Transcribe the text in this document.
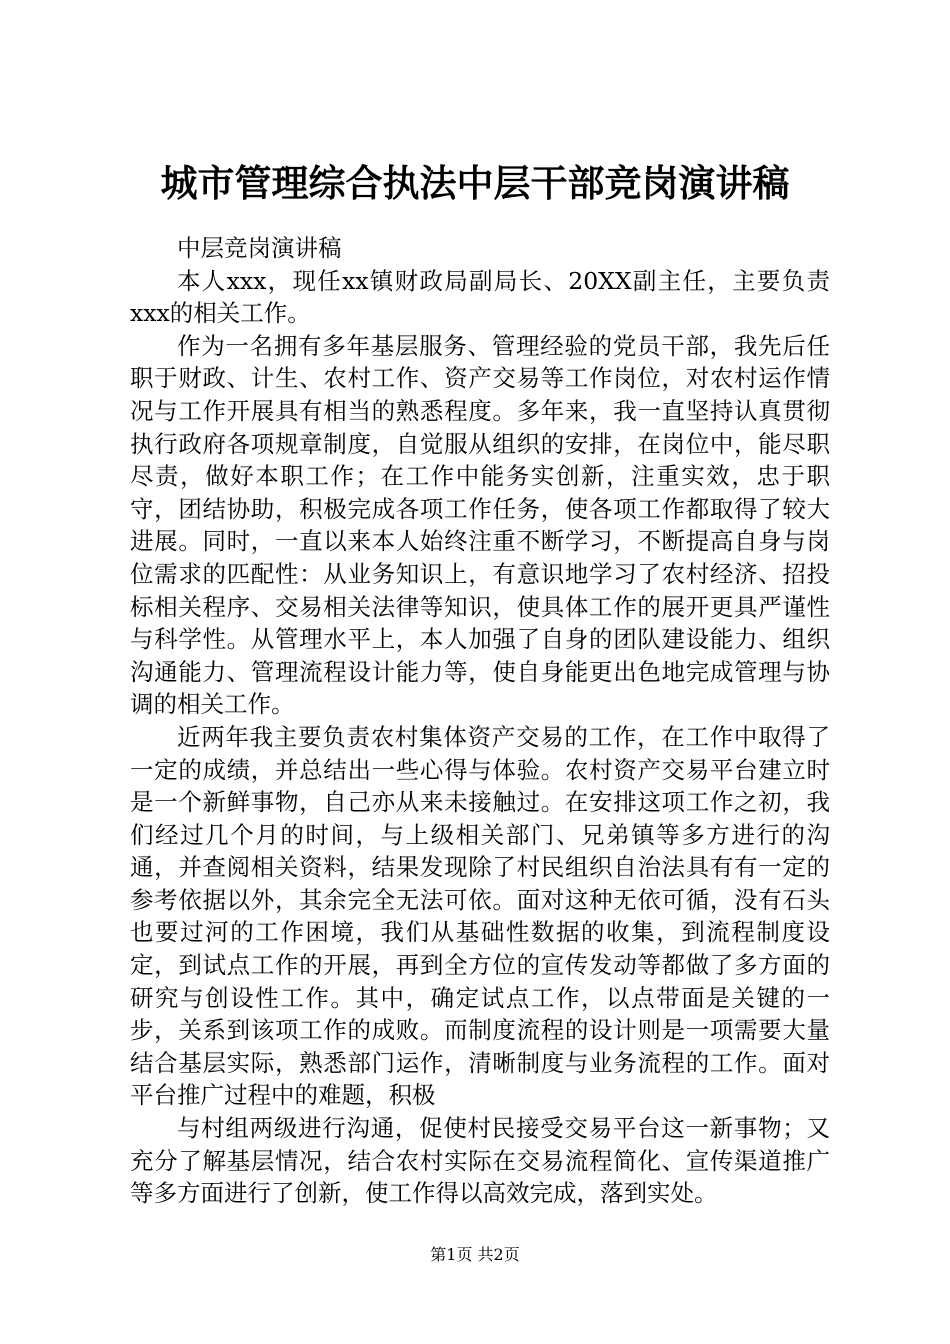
城市管理综合执法中层干部竞岗演讲稿

中层竞岗演讲稿

本人xxx，现任xx镇财政局副局长、20XX副主任，主要负责xxx的相关工作。

作为一名拥有多年基层服务、管理经验的党员干部，我先后任职于财政、计生、农村工作、资产交易等工作岗位，对农村运作情况与工作开展具有相当的熟悉程度。多年来，我一直坚持认真贯彻执行政府各项规章制度，自觉服从组织的安排，在岗位中，能尽职尽责，做好本职工作；在工作中能务实创新，注重实效，忠于职守，团结协助，积极完成各项工作任务，使各项工作都取得了较大进展。同时，一直以来本人始终注重不断学习，不断提高自身与岗位需求的匹配性：从业务知识上，有意识地学习了农村经济、招投标相关程序、交易相关法律等知识，使具体工作的展开更具严谨性与科学性。从管理水平上，本人加强了自身的团队建设能力、组织沟通能力、管理流程设计能力等，使自身能更出色地完成管理与协调的相关工作。

近两年我主要负责农村集体资产交易的工作，在工作中取得了一定的成绩，并总结出一些心得与体验。农村资产交易平台建立时是一个新鲜事物，自己亦从来未接触过。在安排这项工作之初，我们经过几个月的时间，与上级相关部门、兄弟镇等多方进行的沟通，并查阅相关资料，结果发现除了村民组织自治法具有有一定的参考依据以外，其余完全无法可依。面对这种无依可循，没有石头也要过河的工作困境，我们从基础性数据的收集，到流程制度设定，到试点工作的开展，再到全方位的宣传发动等都做了多方面的研究与创设性工作。其中，确定试点工作，以点带面是关键的一步，关系到该项工作的成败。而制度流程的设计则是一项需要大量结合基层实际，熟悉部门运作，清晰制度与业务流程的工作。面对平台推广过程中的难题，积极

与村组两级进行沟通，促使村民接受交易平台这一新事物；又充分了解基层情况，结合农村实际在交易流程简化、宣传渠道推广等多方面进行了创新，使工作得以高效完成，落到实处。

第1页 共2页
